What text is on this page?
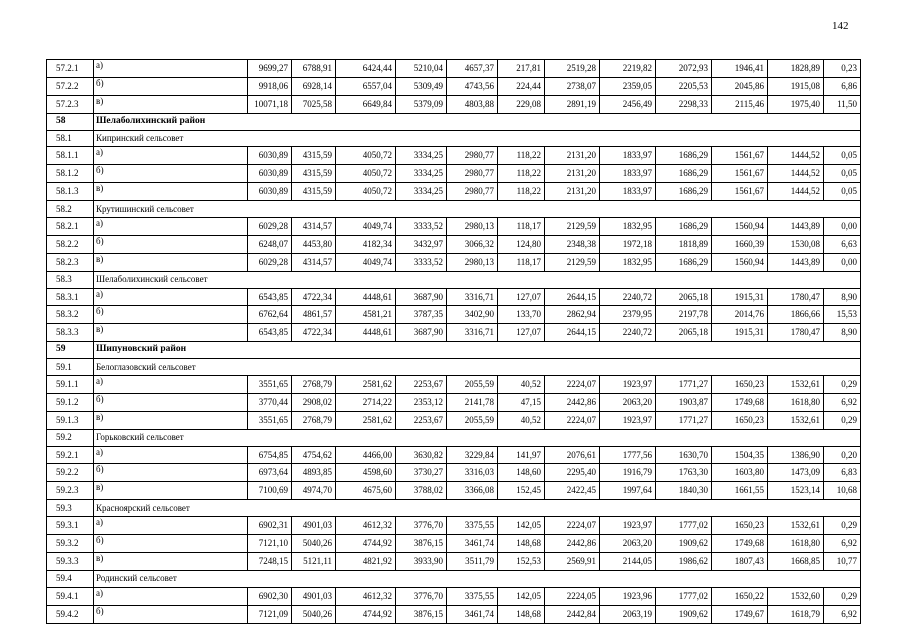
142
57.2.1	а)	9699,27	6788,91	6424,44	5210,04	4657,37	217,81	2519,28	2219,82	2072,93	1946,41	1828,89	0,23
57.2.2	б)	9918,06	6928,14	6557,04	5309,49	4743,56	224,44	2738,07	2359,05	2205,53	2045,86	1915,08	6,86
57.2.3	в)	10071,18	7025,58	6649,84	5379,09	4803,88	229,08	2891,19	2456,49	2298,33	2115,46	1975,40	11,50
58	Шелаболихинский район												
58.1	Кипринский сельсовет												
58.1.1	а)	6030,89	4315,59	4050,72	3334,25	2980,77	118,22	2131,20	1833,97	1686,29	1561,67	1444,52	0,05
58.1.2	б)	6030,89	4315,59	4050,72	3334,25	2980,77	118,22	2131,20	1833,97	1686,29	1561,67	1444,52	0,05
58.1.3	в)	6030,89	4315,59	4050,72	3334,25	2980,77	118,22	2131,20	1833,97	1686,29	1561,67	1444,52	0,05
58.2	Крутишинский сельсовет												
58.2.1	а)	6029,28	4314,57	4049,74	3333,52	2980,13	118,17	2129,59	1832,95	1686,29	1560,94	1443,89	0,00
58.2.2	б)	6248,07	4453,80	4182,34	3432,97	3066,32	124,80	2348,38	1972,18	1818,89	1660,39	1530,08	6,63
58.2.3	в)	6029,28	4314,57	4049,74	3333,52	2980,13	118,17	2129,59	1832,95	1686,29	1560,94	1443,89	0,00
58.3	Шелаболихинский сельсовет												
58.3.1	а)	6543,85	4722,34	4448,61	3687,90	3316,71	127,07	2644,15	2240,72	2065,18	1915,31	1780,47	8,90
58.3.2	б)	6762,64	4861,57	4581,21	3787,35	3402,90	133,70	2862,94	2379,95	2197,78	2014,76	1866,66	15,53
58.3.3	в)	6543,85	4722,34	4448,61	3687,90	3316,71	127,07	2644,15	2240,72	2065,18	1915,31	1780,47	8,90
59	Шипуновский район												
59.1	Белоглазовский сельсовет												
59.1.1	а)	3551,65	2768,79	2581,62	2253,67	2055,59	40,52	2224,07	1923,97	1771,27	1650,23	1532,61	0,29
59.1.2	б)	3770,44	2908,02	2714,22	2353,12	2141,78	47,15	2442,86	2063,20	1903,87	1749,68	1618,80	6,92
59.1.3	в)	3551,65	2768,79	2581,62	2253,67	2055,59	40,52	2224,07	1923,97	1771,27	1650,23	1532,61	0,29
59.2	Горьковский сельсовет												
59.2.1	а)	6754,85	4754,62	4466,00	3630,82	3229,84	141,97	2076,61	1777,56	1630,70	1504,35	1386,90	0,20
59.2.2	б)	6973,64	4893,85	4598,60	3730,27	3316,03	148,60	2295,40	1916,79	1763,30	1603,80	1473,09	6,83
59.2.3	в)	7100,69	4974,70	4675,60	3788,02	3366,08	152,45	2422,45	1997,64	1840,30	1661,55	1523,14	10,68
59.3	Красноярский сельсовет												
59.3.1	а)	6902,31	4901,03	4612,32	3776,70	3375,55	142,05	2224,07	1923,97	1777,02	1650,23	1532,61	0,29
59.3.2	б)	7121,10	5040,26	4744,92	3876,15	3461,74	148,68	2442,86	2063,20	1909,62	1749,68	1618,80	6,92
59.3.3	в)	7248,15	5121,11	4821,92	3933,90	3511,79	152,53	2569,91	2144,05	1986,62	1807,43	1668,85	10,77
59.4	Родинский сельсовет												
59.4.1	а)	6902,30	4901,03	4612,32	3776,70	3375,55	142,05	2224,05	1923,96	1777,02	1650,22	1532,60	0,29
59.4.2	б)	7121,09	5040,26	4744,92	3876,15	3461,74	148,68	2442,84	2063,19	1909,62	1749,67	1618,79	6,92
